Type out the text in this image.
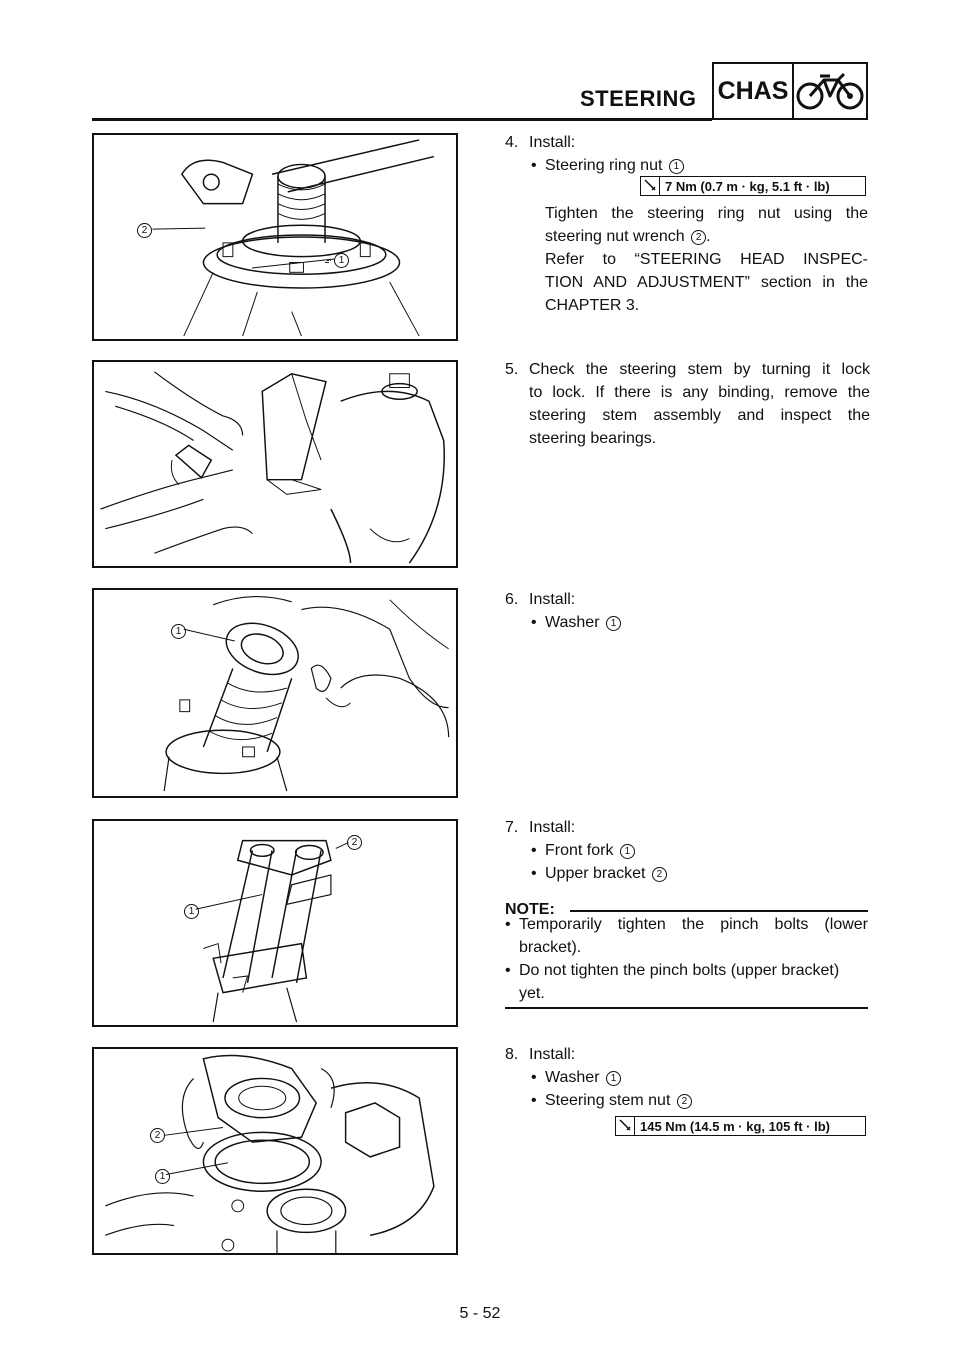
STEERING CHAS
2
1
4. Install:
• Steering ring nut 1
7 Nm (0.7 m · kg, 5.1 ft · lb)
Tighten the steering ring nut using the
steering nut wrench 2 .
Refer to “STEERING HEAD INSPEC-
TION AND ADJUSTMENT” section in the
CHAPTER 3.
5. Check the steering stem by turning it lock
to lock. If there is any binding, remove the
steering stem assembly and inspect the
steering bearings.
1
6. Install:
• Washer 1
2
1
7. Install:
• Front fork 1
• Upper bracket 2
NOTE:
• Temporarily tighten the pinch bolts (lower
bracket).
• Do not tighten the pinch bolts (upper bracket)
yet.
2
1
8. Install:
• Washer 1
• Steering stem nut 2
145 Nm (14.5 m · kg, 105 ft · lb)
5 - 52
